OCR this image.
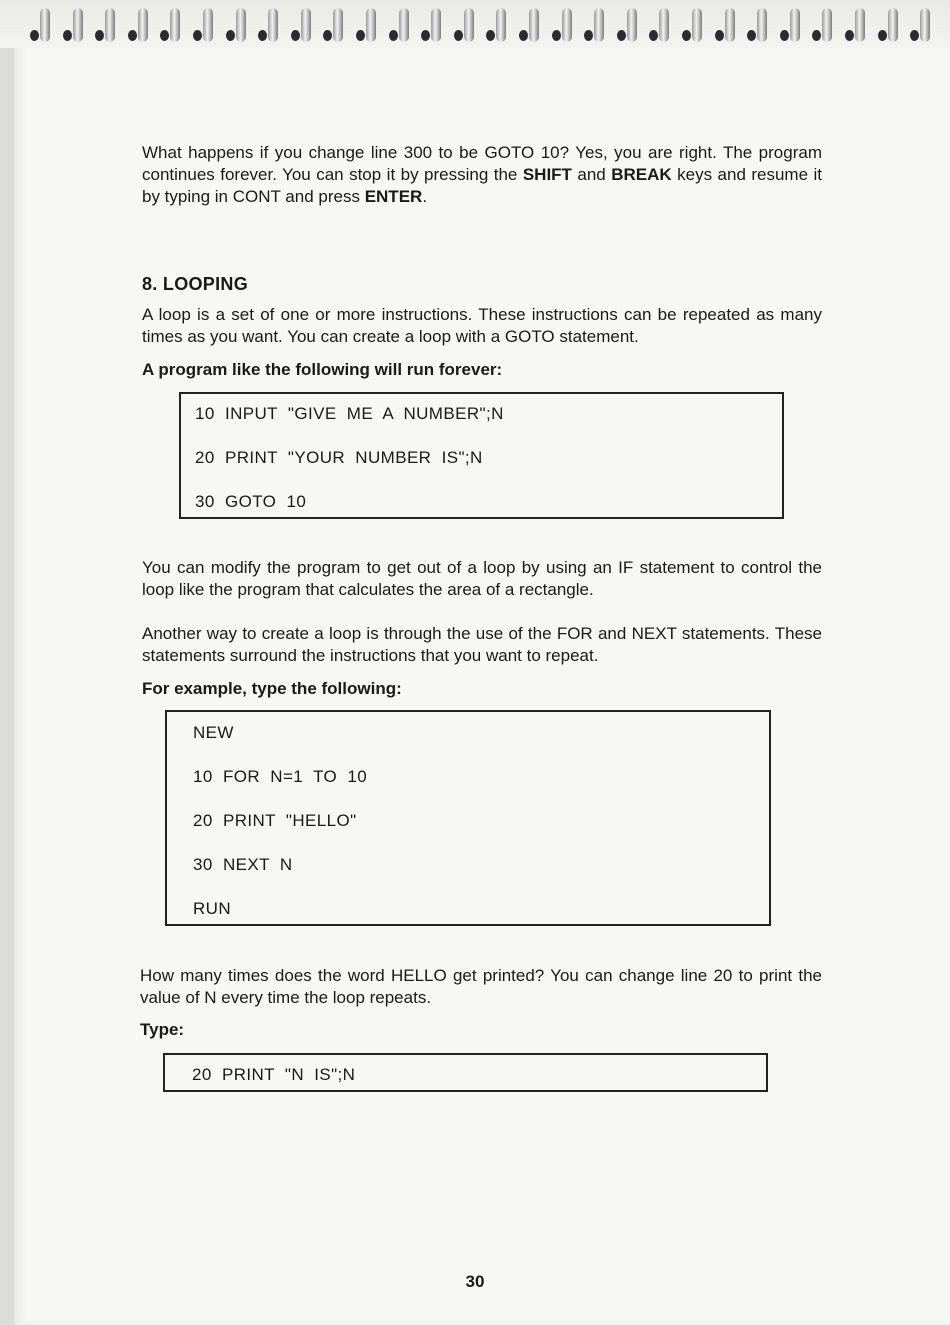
What happens if you change line 300 to be GOTO 10? Yes, you are right. The program continues forever. You can stop it by pressing the SHIFT and BREAK keys and resume it by typing in CONT and press ENTER.

8. LOOPING

A loop is a set of one or more instructions. These instructions can be repeated as many times as you want. You can create a loop with a GOTO statement.

A program like the following will run forever:

10  INPUT  "GIVE  ME  A  NUMBER";N
20  PRINT  "YOUR  NUMBER  IS";N
30  GOTO  10

You can modify the program to get out of a loop by using an IF statement to control the loop like the program that calculates the area of a rectangle.

Another way to create a loop is through the use of the FOR and NEXT statements. These statements surround the instructions that you want to repeat.

For example, type the following:

NEW
10  FOR  N=1  TO  10
20  PRINT  "HELLO"
30  NEXT  N
RUN

How many times does the word HELLO get printed? You can change line 20 to print the value of N every time the loop repeats.

Type:

20  PRINT  "N  IS";N
30
